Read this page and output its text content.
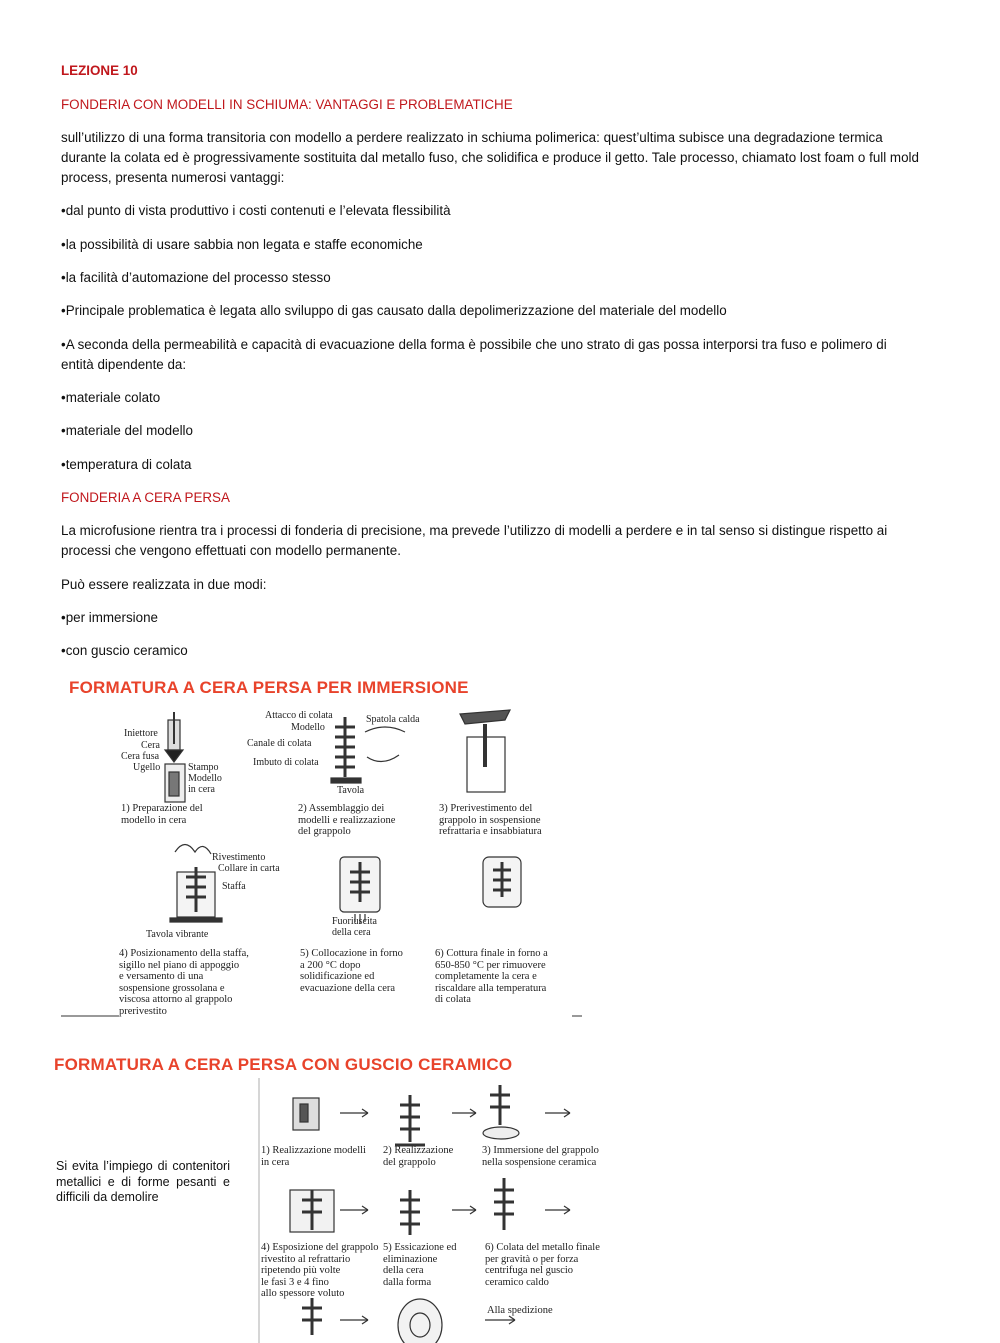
LEZIONE 10
FONDERIA CON MODELLI IN SCHIUMA: VANTAGGI E PROBLEMATICHE
sull’utilizzo di una forma transitoria con modello a perdere realizzato in schiuma polimerica: quest’ultima subisce una degradazione termica durante la colata ed è progressivamente sostituita dal metallo fuso, che solidifica e produce il getto. Tale processo, chiamato lost foam o full mold process, presenta numerosi vantaggi:
•dal punto di vista produttivo i costi contenuti e l’elevata flessibilità
•la possibilità di usare sabbia non legata e staffe economiche
•la facilità d’automazione del processo stesso
•Principale problematica è legata allo sviluppo di gas causato dalla depolimerizzazione del materiale del modello
•A seconda della permeabilità e capacità di evacuazione della forma è possibile che uno strato di gas possa interporsi tra fuso e polimero di entità dipendente da:
•materiale colato
•materiale del modello
•temperatura di colata
FONDERIA A CERA PERSA
La microfusione rientra tra i processi di fonderia di precisione, ma prevede l’utilizzo di modelli a perdere e in tal senso si distingue rispetto ai processi che vengono effettuati con modello permanente.
Può essere realizzata in due modi:
•per immersione
•con guscio ceramico
FORMATURA A CERA PERSA PER IMMERSIONE
Iniettore
Cera
Cera fusa
Ugello	Stampo
Modello
in cera
Attacco di colata
Modello
Spatola calda
Canale di colata
Imbuto di colata
Tavola
1) Preparazione del
modello in cera
2) Assemblaggio dei
modelli e realizzazione
del grappolo
3) Prerivestimento del
grappolo in sospensione
refrattaria e insabbiatura
Rivestimento
Collare in carta
Staffa
Tavola vibrante
Fuoriuscita
della cera
4) Posizionamento della staffa,
sigillo nel piano di appoggio
e versamento di una
sospensione grossolana e
viscosa attorno al grappolo
prerivestito
5) Collocazione in forno
a 200 °C dopo
solidificazione ed
evacuazione della cera
6) Cottura finale in forno a
650-850 °C per rimuovere
completamente la cera e
riscaldare alla temperatura
di colata
FORMATURA A CERA PERSA CON GUSCIO CERAMICO
Si evita l’impiego di contenitori metallici e di forme pesanti e difficili da demolire
1) Realizzazione modelli
in cera
2) Realizzazione
del grappolo
3) Immersione del grappolo
nella sospensione ceramica
4) Esposizione del grappolo
rivestito al refrattario
ripetendo più volte
le fasi 3 e 4 fino
allo spessore voluto
5) Essicazione ed
eliminazione
della cera
dalla forma
6) Colata del metallo finale
per gravità o per forza
centrifuga nel guscio
ceramico caldo
Alla spedizione
